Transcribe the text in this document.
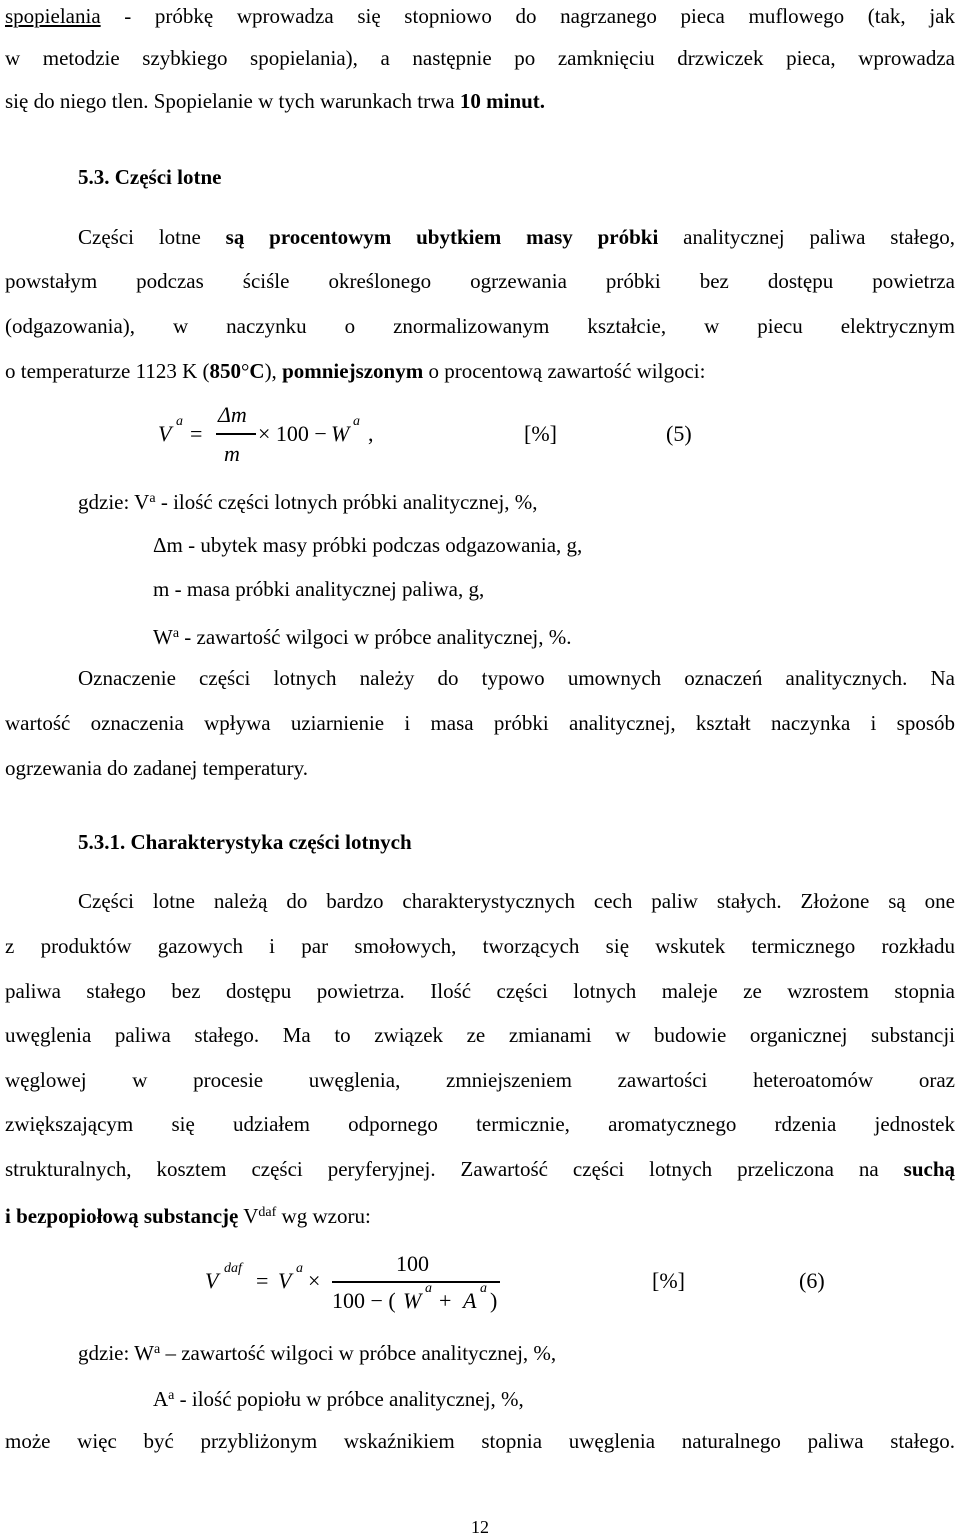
spopielania - próbkę wprowadza się stopniowo do nagrzanego pieca muflowego (tak, jak
w metodzie szybkiego spopielania), a następnie po zamknięciu drzwiczek pieca, wprowadza
się do niego tlen. Spopielanie w tych warunkach trwa 10 minut.
5.3. Części lotne
Części lotne są procentowym ubytkiem masy próbki analitycznej paliwa stałego,
powstałym podczas ściśle określonego ogrzewania próbki bez dostępu powietrza
(odgazowania), w naczynku o znormalizowanym kształcie, w piecu elektrycznym
o temperaturze 1123 K (850°C), pomniejszonym o procentową zawartość wilgoci:
V a =
Δm
m
× 100 − W a ,	[%]	(5)
gdzie: $V^a$ - ilość części lotnych próbki analitycznej, %,
Δm - ubytek masy próbki podczas odgazowania, g,
m - masa próbki analitycznej paliwa, g,
$W^a$ - zawartość wilgoci w próbce analitycznej, %.
Oznaczenie części lotnych należy do typowo umownych oznaczeń analitycznych. Na
wartość oznaczenia wpływa uziarnienie i masa próbki analitycznej, kształt naczynka i sposób
ogrzewania do zadanej temperatury.
5.3.1. Charakterystyka części lotnych
Części lotne należą do bardzo charakterystycznych cech paliw stałych. Złożone są one
z produktów gazowych i par smołowych, tworzących się wskutek termicznego rozkładu
paliwa stałego bez dostępu powietrza. Ilość części lotnych maleje ze wzrostem stopnia
uwęglenia paliwa stałego. Ma to związek ze zmianami w budowie organicznej substancji
węglowej w procesie uwęglenia, zmniejszeniem zawartości heteroatomów oraz
zwiększającym się udziałem odpornego termicznie, aromatycznego rdzenia jednostek
strukturalnych, kosztem części peryferyjnej. Zawartość części lotnych przeliczona na suchą
i bezpopiołową substancję $V^{daf}$ wg wzoru:
V daf = V a ×
100
100 − ( W a + A a )
[%]	(6)
gdzie: $W^a$ – zawartość wilgoci w próbce analitycznej, %,
$A^a$ - ilość popiołu w próbce analitycznej, %,
może więc być przybliżonym wskaźnikiem stopnia uwęglenia naturalnego paliwa stałego.
12
